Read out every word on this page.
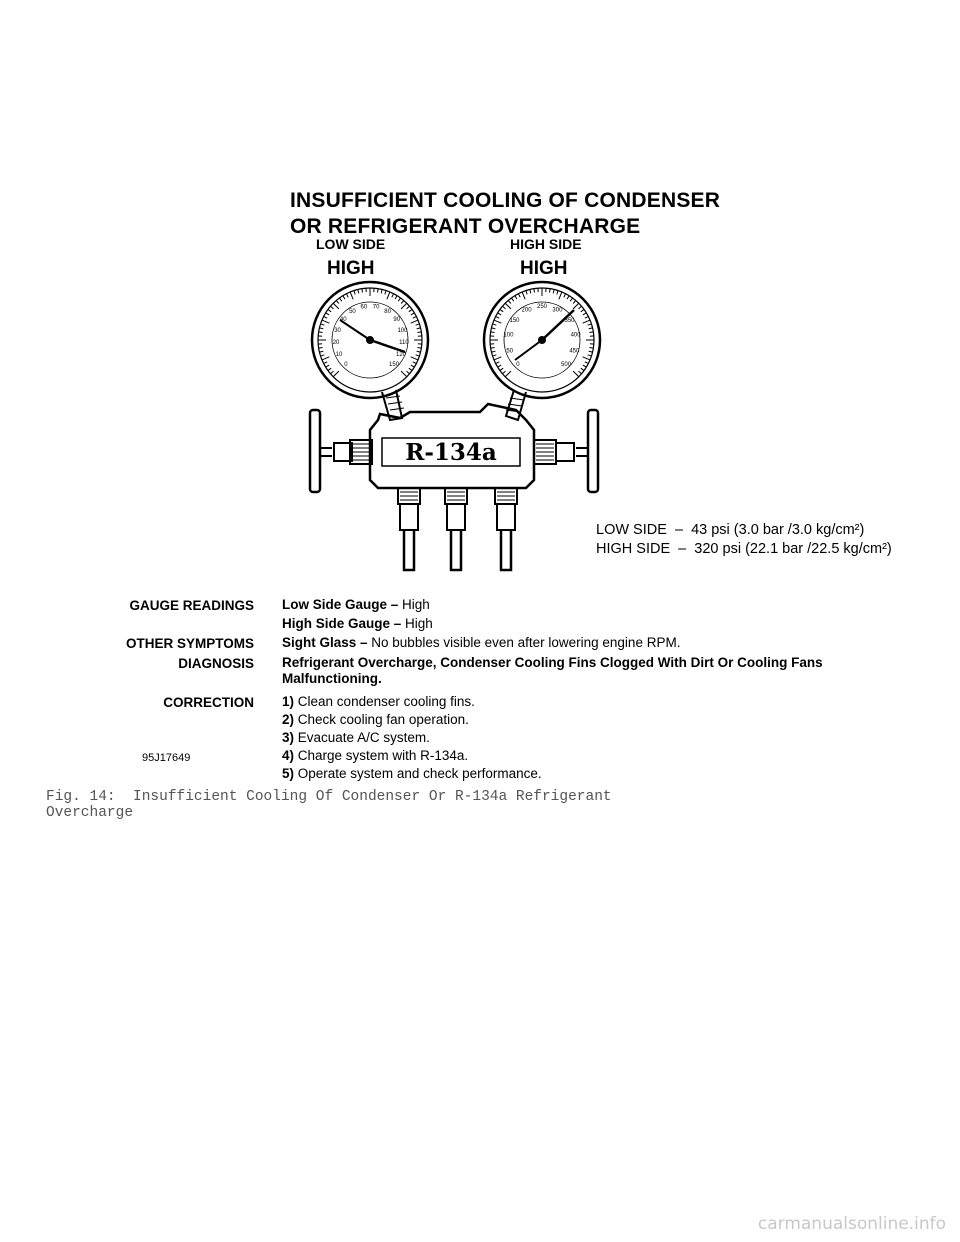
INSUFFICIENT COOLING OF CONDENSER
OR REFRIGERANT OVERCHARGE
LOW SIDE
HIGH
HIGH SIDE
HIGH
0
10
20
30
40
50
60 70
80
90
100
110
120
150	0
50
100
150
200
250
300
350
400
450
500
R-134a
LOW SIDE  –  43 psi (3.0 bar /3.0 kg/cm²)
HIGH SIDE  –  320 psi (22.1 bar /22.5 kg/cm²)
GAUGE READINGS Low Side Gauge – High
High Side Gauge – High
OTHER SYMPTOMS Sight Glass – No bubbles visible even after lowering engine RPM.
DIAGNOSIS Refrigerant Overcharge, Condenser Cooling Fins Clogged With Dirt Or Cooling Fans Malfunctioning.
CORRECTION 1) Clean condenser cooling fins.
2) Check cooling fan operation.
3) Evacuate A/C system.
4) Charge system with R-134a.
5) Operate system and check performance.
95J17649
Fig. 14:  Insufficient Cooling Of Condenser Or R-134a Refrigerant
Overcharge
carmanualsonline.info
